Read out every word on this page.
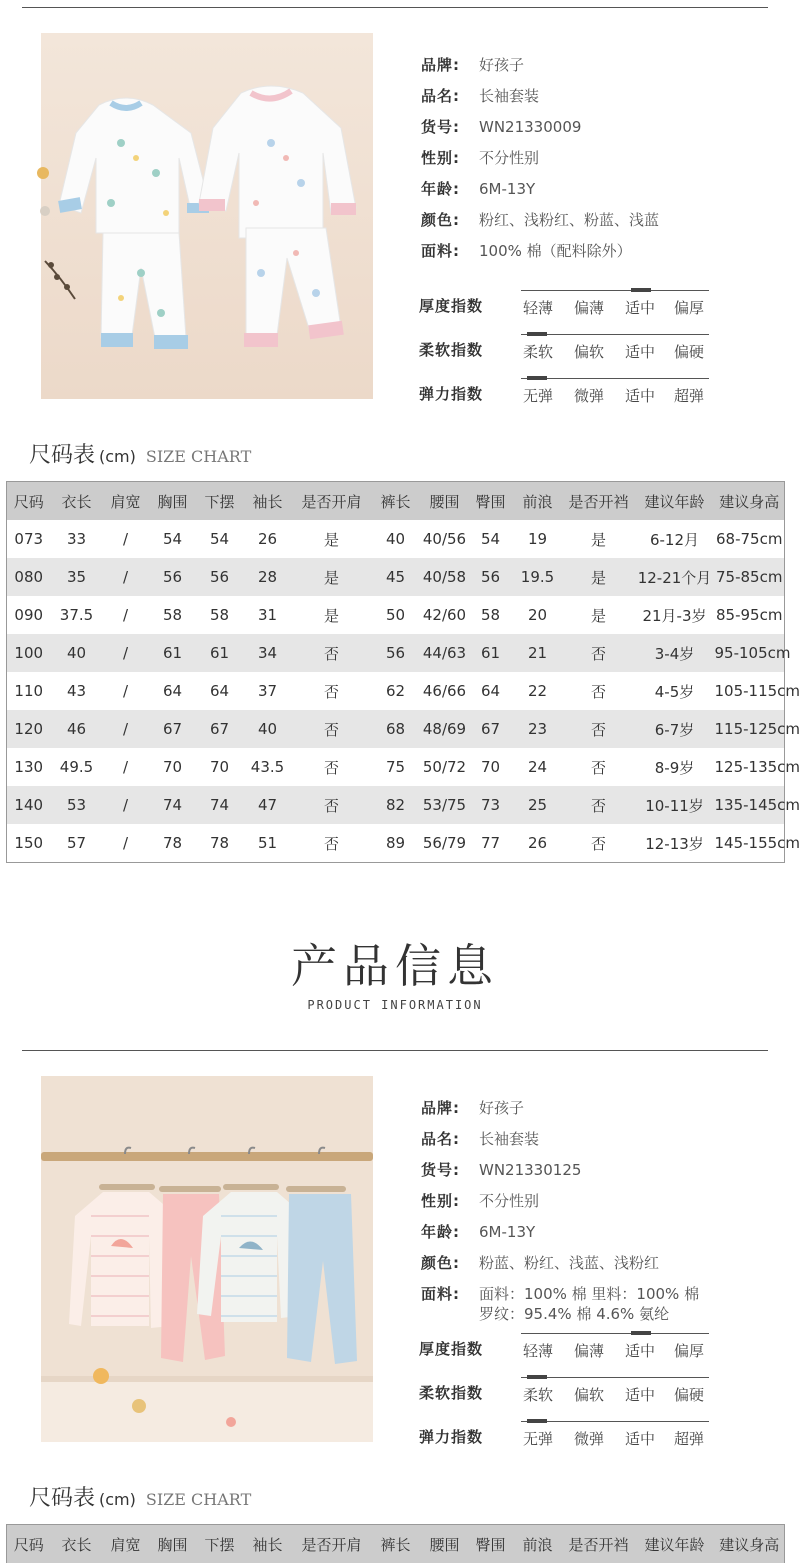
品牌:	好孩子
品名:	长袖套装
货号:	WN21330009
性别:	不分性别
年龄:	6M-13Y
颜色:	粉红、浅粉红、粉蓝、浅蓝
面料:	100% 棉（配料除外）
厚度指数	轻薄 偏薄 适中 偏厚
柔软指数	柔软 偏软 适中 偏硬
弹力指数	无弹 微弹 适中 超弹
尺码表 (cm) SIZE CHART
尺码	衣长	肩宽	胸围	下摆	袖长	是否开肩	裤长	腰围	臀围	前浪	是否开裆	建议年龄	建议身高
073	33	/	54	54	26	是	40	40/56	54	19	是	6-12月	68-75cm
080	35	/	56	56	28	是	45	40/58	56	19.5	是	12-21个月	75-85cm
090	37.5	/	58	58	31	是	50	42/60	58	20	是	21月-3岁	85-95cm
100	40	/	61	61	34	否	56	44/63	61	21	否	3-4岁	95-105cm
110	43	/	64	64	37	否	62	46/66	64	22	否	4-5岁	105-115cm
120	46	/	67	67	40	否	68	48/69	67	23	否	6-7岁	115-125cm
130	49.5	/	70	70	43.5	否	75	50/72	70	24	否	8-9岁	125-135cm
140	53	/	74	74	47	否	82	53/75	73	25	否	10-11岁	135-145cm
150	57	/	78	78	51	否	89	56/79	77	26	否	12-13岁	145-155cm
产品信息
PRODUCT INFORMATION
品牌:	好孩子
品名:	长袖套装
货号:	WN21330125
性别:	不分性别
年龄:	6M-13Y
颜色:	粉蓝、粉红、浅蓝、浅粉红
面料:	面料：100% 棉 里料：100% 棉
罗纹：95.4% 棉 4.6% 氨纶
厚度指数	轻薄 偏薄 适中 偏厚
柔软指数	柔软 偏软 适中 偏硬
弹力指数	无弹 微弹 适中 超弹
尺码表 (cm) SIZE CHART
尺码	衣长	肩宽	胸围	下摆	袖长	是否开肩	裤长	腰围	臀围	前浪	是否开裆	建议年龄	建议身高
